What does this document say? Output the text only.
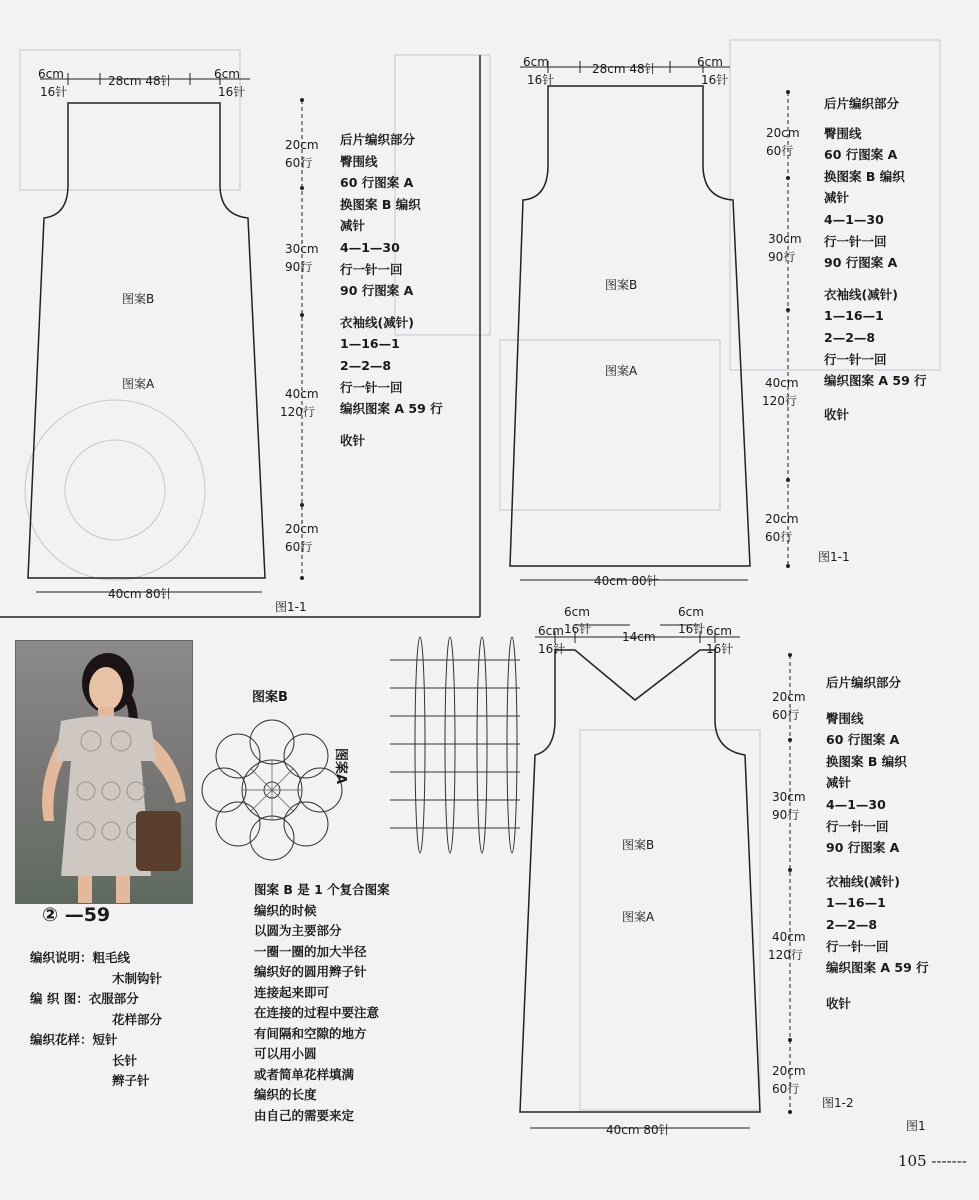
6cm
16针
28cm 48针	6cm
16针
40cm 80针
20cm
60行
30cm
90行
40cm
120行
20cm
60行
图案B
图案A
图1-1
后片编织部分
臀围线
60 行图案 A
换图案 B 编织
减针
4—1—30
行一针一回
90 行图案 A
衣袖线(减针)
1—16—1
2—2—8
行一针一回
编织图案 A 59 行
收针
6cm
16针
28cm 48针	6cm
16针
40cm 80针
20cm
60行
30cm
90行
40cm
120行
20cm
60行
图案B
图案A
图1-1
后片编织部分
臀围线
60 行图案 A
换图案 B 编织
减针
4—1—30
行一针一回
90 行图案 A
衣袖线(减针)
1—16—1
2—2—8
行一针一回
编织图案 A 59 行
收针
6cm
16针
6cm
16针
14cm
6cm
16针 6cm
16针
40cm 80针
20cm
60行
30cm
90行
40cm
120行
20cm
60行
图案B
图案A
图1-2
图1
后片编织部分
臀围线
60 行图案 A
换图案 B 编织
减针
4—1—30
行一针一回
90 行图案 A
衣袖线(减针)
1—16—1
2—2—8
行一针一回
编织图案 A 59 行
收针
图案B
图案A
② —59
编织说明：粗毛线
木制钩针
编 织 图：衣服部分
花样部分
编织花样：短针
长针
辫子针
图案 B 是 1 个复合图案
编织的时候
以圆为主要部分
一圈一圈的加大半径
编织好的圆用辫子针
连接起来即可
在连接的过程中要注意
有间隔和空隙的地方
可以用小圆
或者简单花样填满
编织的长度
由自己的需要来定
105 -------
